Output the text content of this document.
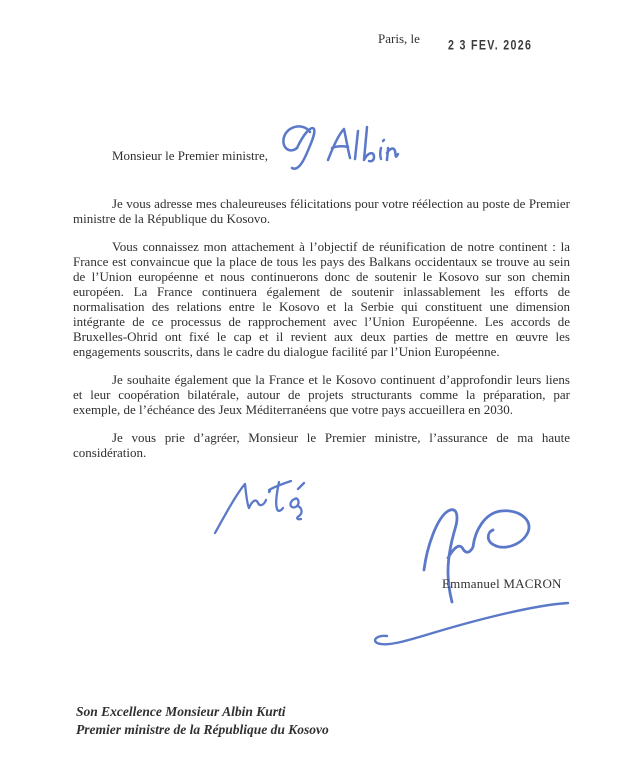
Paris, le 2 3 FEV. 2026
Monsieur le Premier ministre,

Je vous adresse mes chaleureuses félicitations pour votre réélection au poste de Premier ministre de la République du Kosovo.

Vous connaissez mon attachement à l’objectif de réunification de notre continent : la France est convaincue que la place de tous les pays des Balkans occidentaux se trouve au sein de l’Union européenne et nous continuerons donc de soutenir le Kosovo sur son chemin européen. La France continuera également de soutenir inlassablement les efforts de normalisation des relations entre le Kosovo et la Serbie qui constituent une dimension intégrante de ce processus de rapprochement avec l’Union Européenne. Les accords de Bruxelles-Ohrid ont fixé le cap et il revient aux deux parties de mettre en œuvre les engagements souscrits, dans le cadre du dialogue facilité par l’Union Européenne.

Je souhaite également que la France et le Kosovo continuent d’approfondir leurs liens et leur coopération bilatérale, autour de projets structurants comme la préparation, par exemple, de l’échéance des Jeux Méditerranéens que votre pays accueillera en 2030.

Je vous prie d’agréer, Monsieur le Premier ministre, l’assurance de ma haute considération.

Emmanuel MACRON
Son Excellence Monsieur Albin Kurti
Premier ministre de la République du Kosovo
